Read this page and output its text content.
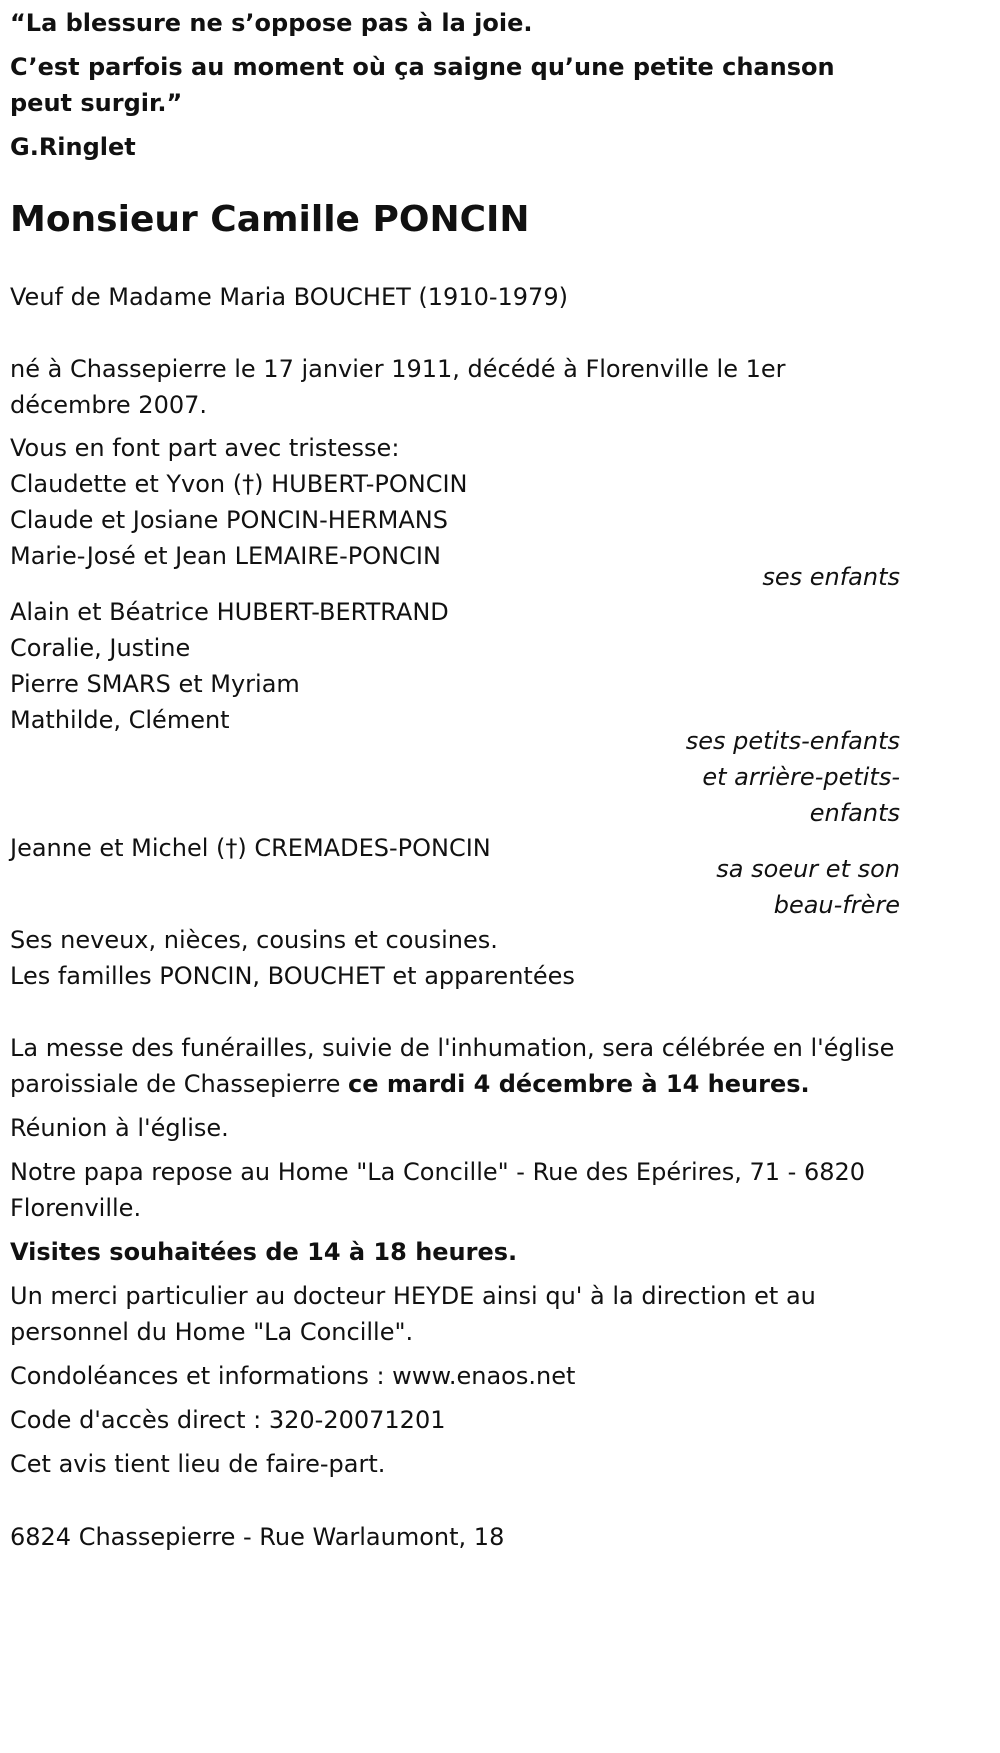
“La blessure ne s’oppose pas à la joie.

C’est parfois au moment où ça saigne qu’une petite chanson peut surgir.”

G.Ringlet

Monsieur Camille PONCIN

Veuf de Madame Maria BOUCHET (1910-1979)

né à Chassepierre le 17 janvier 1911, décédé à Florenville le 1er décembre 2007.

Vous en font part avec tristesse:
Claudette et Yvon (†) HUBERT-PONCIN
Claude et Josiane PONCIN-HERMANS
Marie-José et Jean LEMAIRE-PONCIN

ses enfants

Alain et Béatrice HUBERT-BERTRAND
Coralie, Justine
Pierre SMARS et Myriam
Mathilde, Clément
ses petits-enfants
et arrière-petits-
enfants

Jeanne et Michel (†) CREMADES-PONCIN

sa soeur et son
beau-frère
Ses neveux, nièces, cousins et cousines.
Les familles PONCIN, BOUCHET et apparentées

La messe des funérailles, suivie de l'inhumation, sera célébrée en l'église paroissiale de Chassepierre ce mardi 4 décembre à 14 heures.

Réunion à l'église.

Notre papa repose au Home "La Concille" - Rue des Epérires, 71 - 6820 Florenville.

Visites souhaitées de 14 à 18 heures.

Un merci particulier au docteur HEYDE ainsi qu' à la direction et au personnel du Home "La Concille".

Condoléances et informations : www.enaos.net

Code d'accès direct : 320-20071201

Cet avis tient lieu de faire-part.

6824 Chassepierre - Rue Warlaumont, 18
